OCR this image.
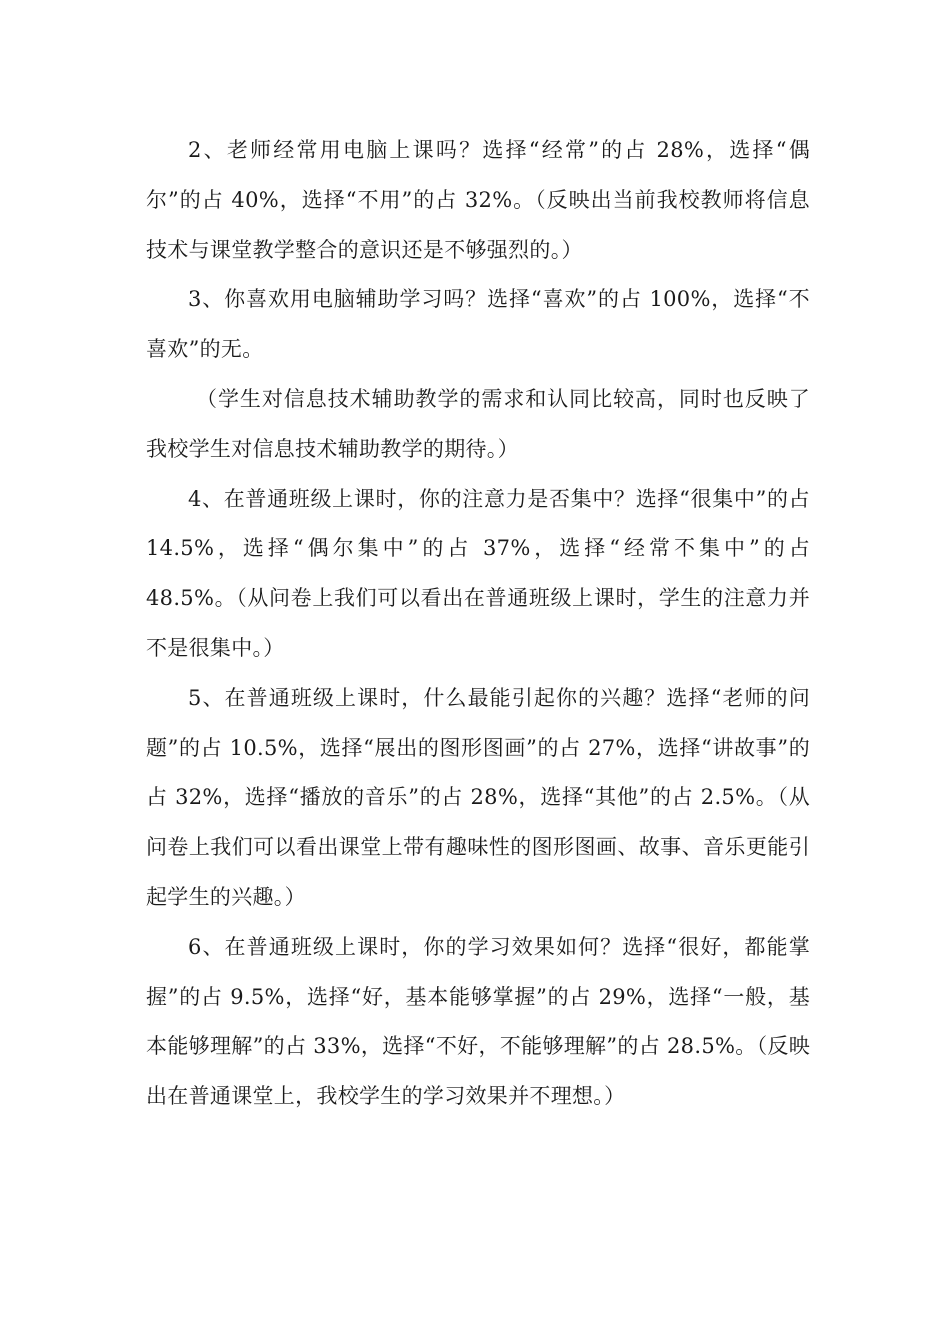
2、老师经常用电脑上课吗？选择“经常”的占 28%，选择“偶尔”的占 40%，选择“不用”的占 32%。（反映出当前我校教师将信息技术与课堂教学整合的意识还是不够强烈的。）

3、你喜欢用电脑辅助学习吗？选择“喜欢”的占 100%，选择“不喜欢”的无。

（学生对信息技术辅助教学的需求和认同比较高，同时也反映了我校学生对信息技术辅助教学的期待。）

4、在普通班级上课时，你的注意力是否集中？选择“很集中”的占 14.5%，选择“偶尔集中”的占 37%，选择“经常不集中”的占 48.5%。（从问卷上我们可以看出在普通班级上课时，学生的注意力并不是很集中。）

5、在普通班级上课时，什么最能引起你的兴趣？选择“老师的问题”的占 10.5%，选择“展出的图形图画”的占 27%，选择“讲故事”的占 32%，选择“播放的音乐”的占 28%，选择“其他”的占 2.5%。（从问卷上我们可以看出课堂上带有趣味性的图形图画、故事、音乐更能引起学生的兴趣。）

6、在普通班级上课时，你的学习效果如何？选择“很好，都能掌握”的占 9.5%，选择“好，基本能够掌握”的占 29%，选择“一般，基本能够理解”的占 33%，选择“不好，不能够理解”的占 28.5%。（反映出在普通课堂上，我校学生的学习效果并不理想。）
